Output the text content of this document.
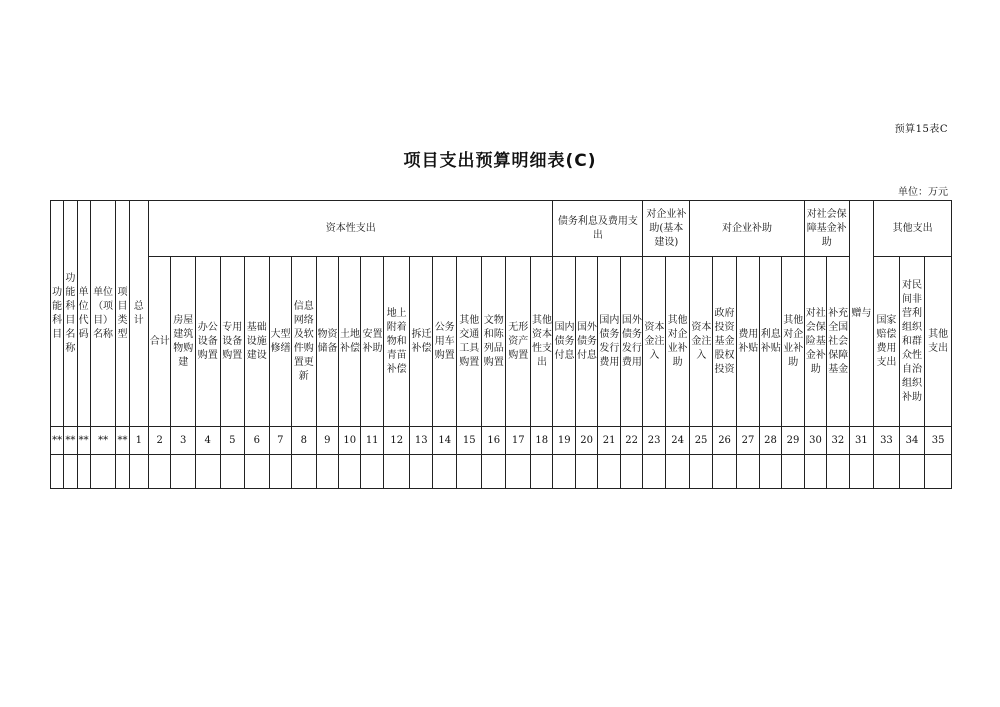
预算15表C
项目支出预算明细表(C)
单位：万元
功能科目	功能科目名称	单位代码	单位（项目）名称	项目类型	总计	资本性支出																	债务利息及费用支出				对企业补助(基本建设)		对企业补助					对社会保障基金补助		赠与	其他支出		
						合计	房屋建筑物购建	办公设备购置	专用设备购置	基础设施建设	大型修缮	信息网络及软件购置更新	物资储备	土地补偿	安置补助	地上附着物和青苗补偿	拆迁补偿	公务用车购置	其他交通工具购置	文物和陈列品购置	无形资产购置	其他资本性支出	国内债务付息	国外债务付息	国内债务发行费用	国外债务发行费用	资本金注入	其他对企业补助	资本金注入	政府投资基金股权投资	费用补贴	利息补贴	其他对企业补助	对社会保险基金补助	补充全国社会保障基金		国家赔偿费用支出	对民间非营利组织和群众性自治组织补助	其他支出
**	**	**	**	**	1	2	3	4	5	6	7	8	9	10	11	12	13	14	15	16	17	18	19	20	21	22	23	24	25	26	27	28	29	30	32	31	33	34	35
